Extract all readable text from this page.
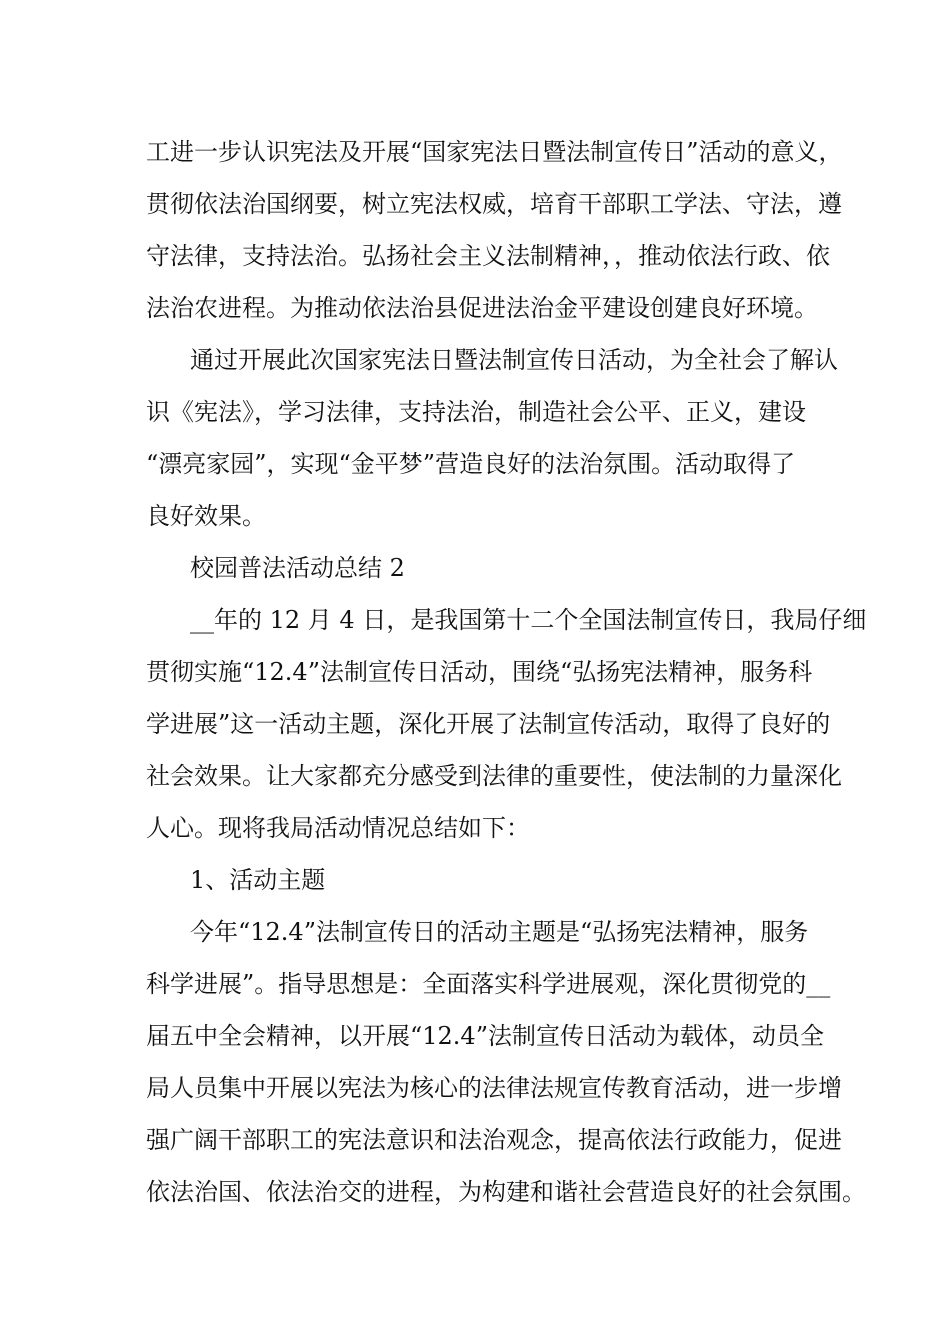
工进一步认识宪法及开展“国家宪法日暨法制宣传日”活动的意义，
贯彻依法治国纲要，树立宪法权威，培育干部职工学法、守法，遵
守法律，支持法治。弘扬社会主义法制精神，，推动依法行政、依
法治农进程。为推动依法治县促进法治金平建设创建良好环境。
通过开展此次国家宪法日暨法制宣传日活动，为全社会了解认
识《宪法》，学习法律，支持法治，制造社会公平、正义，建设
“漂亮家园”，实现“金平梦”营造良好的法治氛围。活动取得了
良好效果。
校园普法活动总结 2
__年的 12 月 4 日，是我国第十二个全国法制宣传日，我局仔细
贯彻实施“12.4”法制宣传日活动，围绕“弘扬宪法精神，服务科
学进展”这一活动主题，深化开展了法制宣传活动，取得了良好的
社会效果。让大家都充分感受到法律的重要性，使法制的力量深化
人心。现将我局活动情况总结如下：
1、活动主题
今年“12.4”法制宣传日的活动主题是“弘扬宪法精神，服务
科学进展”。指导思想是：全面落实科学进展观，深化贯彻党的__
届五中全会精神，以开展“12.4”法制宣传日活动为载体，动员全
局人员集中开展以宪法为核心的法律法规宣传教育活动，进一步增
强广阔干部职工的宪法意识和法治观念，提高依法行政能力，促进
依法治国、依法治交的进程，为构建和谐社会营造良好的社会氛围。
